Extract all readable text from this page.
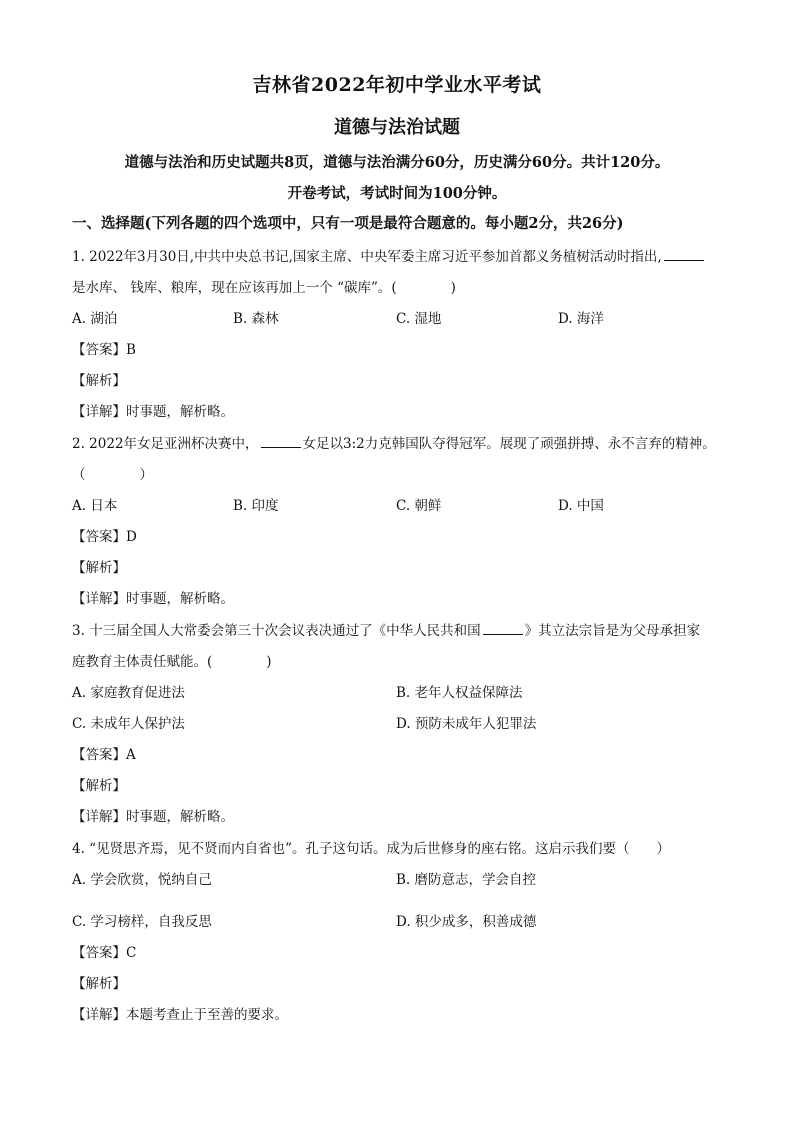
吉林省2022年初中学业水平考试
道德与法治试题
道德与法治和历史试题共8页，道德与法治满分60分，历史满分60分。共计120分。
开卷考试，考试时间为100分钟。
一、选择题(下列各题的四个选项中，只有一项是最符合题意的。每小题2分，共26分)
1. 2022年3月30日,中共中央总书记,国家主席、中央军委主席习近平参加首都义务植树活动时指出,
是水库、 钱库、粮库，现在应该再加上一个 “碳库”。(　　　　)
A. 湖泊	B. 森林	C. 湿地	D. 海洋
【答案】B
【解析】
【详解】时事题，解析略。
2. 2022年女足亚洲杯决赛中，	女足以3:2力克韩国队夺得冠军。展现了顽强拼搏、永不言弃的精神。
（　　　　）
A. 日本	B. 印度	C. 朝鲜	D. 中国
【答案】D
【解析】
【详解】时事题，解析略。
3. 十三届全国人大常委会第三十次会议表决通过了《中华人民共和国	》其立法宗旨是为父母承担家
庭教育主体责任赋能。(　　　　)
A. 家庭教育促进法	B. 老年人权益保障法
C. 未成年人保护法	D. 预防未成年人犯罪法
【答案】A
【解析】
【详解】时事题，解析略。
4. “见贤思齐焉，见不贤而内自省也”。孔子这句话。成为后世修身的座右铭。这启示我们要（　　）
A. 学会欣赏，悦纳自己	B. 磨防意志，学会自控
C. 学习榜样，自我反思	D. 积少成多，积善成德
【答案】C
【解析】
【详解】本题考查止于至善的要求。
